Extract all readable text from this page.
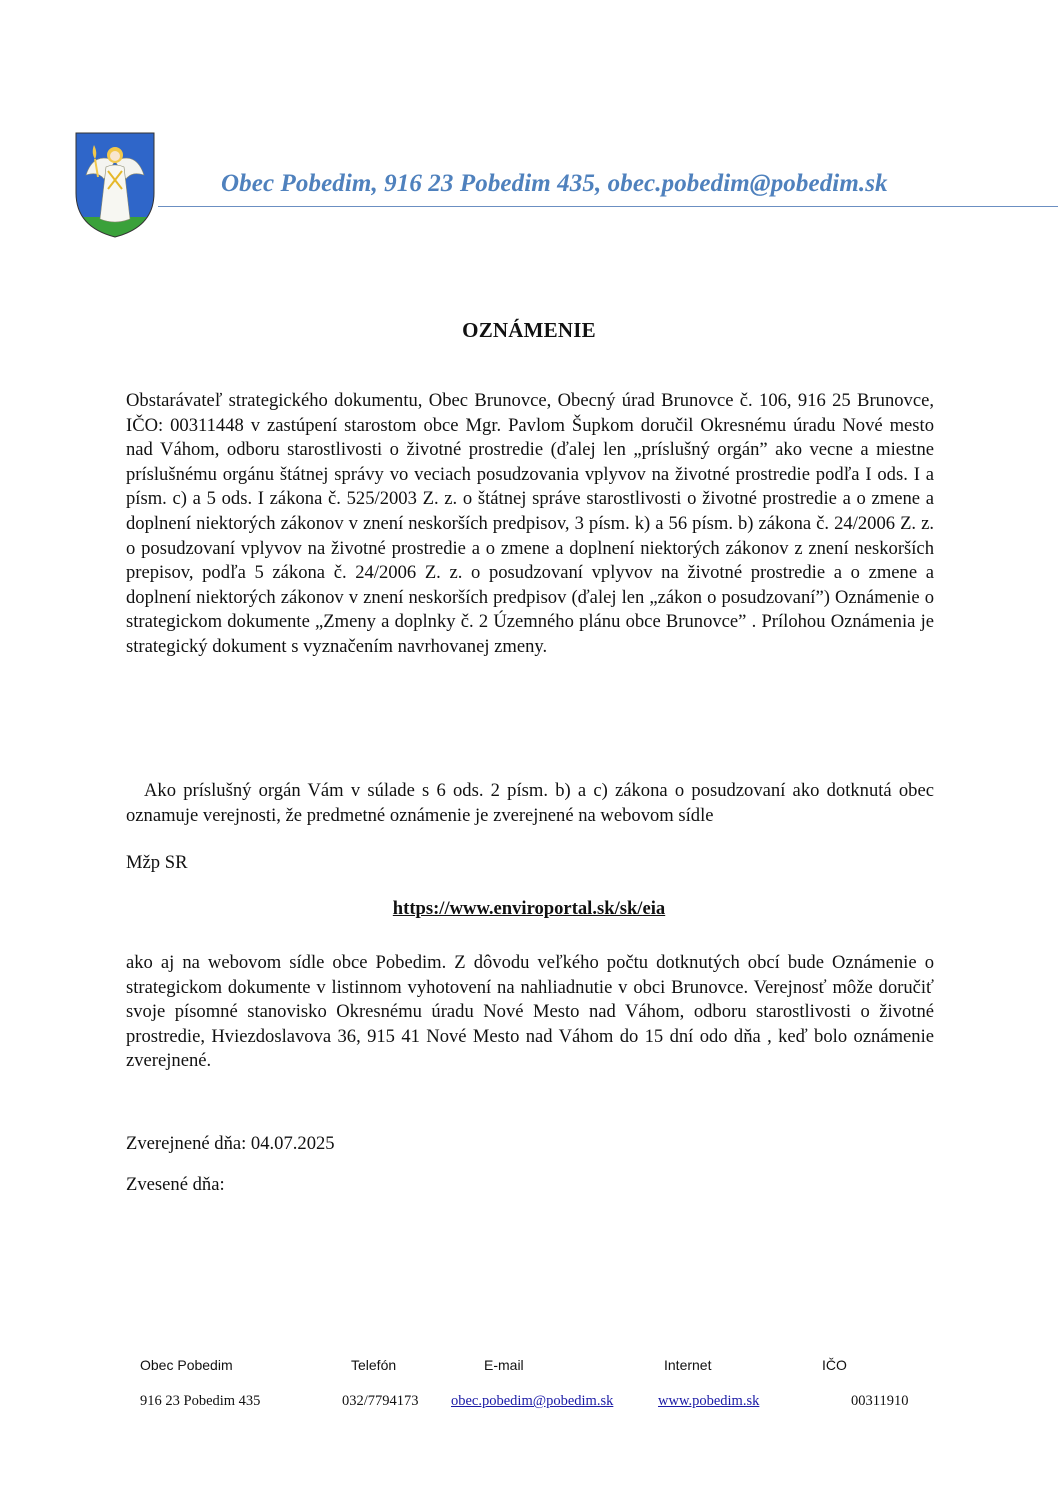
Obec Pobedim, 916 23 Pobedim 435, obec.pobedim@pobedim.sk
OZNÁMENIE
Obstarávateľ strategického dokumentu, Obec Brunovce, Obecný úrad Brunovce č. 106, 916 25 Brunovce, IČO: 00311448 v zastúpení starostom obce Mgr. Pavlom Šupkom doručil Okresnému úradu Nové mesto nad Váhom, odboru starostlivosti o životné prostredie (ďalej len „príslušný orgán” ako vecne a miestne príslušnému orgánu štátnej správy vo veciach posudzovania vplyvov na životné prostredie podľa I ods. I a písm. c) a 5 ods. I zákona č. 525/2003 Z. z. o štátnej správe starostlivosti o životné prostredie a o zmene a doplnení niektorých zákonov v znení neskorších predpisov, 3 písm. k) a 56 písm. b) zákona č. 24/2006 Z. z. o posudzovaní vplyvov na životné prostredie a o zmene a doplnení niektorých zákonov z znení neskorších prepisov, podľa 5 zákona č. 24/2006 Z. z. o posudzovaní vplyvov na životné prostredie a o zmene a doplnení niektorých zákonov v znení neskorších predpisov (ďalej len „zákon o posudzovaní”) Oznámenie o strategickom dokumente „Zmeny a doplnky č. 2 Územného plánu obce Brunovce” . Prílohou Oznámenia je strategický dokument s vyznačením navrhovanej zmeny.
Ako príslušný orgán Vám v súlade s 6 ods. 2 písm. b) a c) zákona o posudzovaní ako dotknutá obec oznamuje verejnosti, že predmetné oznámenie je zverejnené na webovom sídle
Mžp SR
https://www.enviroportal.sk/sk/eia
ako aj na webovom sídle obce Pobedim. Z dôvodu veľkého počtu dotknutých obcí bude Oznámenie o strategickom dokumente v listinnom vyhotovení na nahliadnutie v obci Brunovce. Verejnosť môže doručiť svoje písomné stanovisko Okresnému úradu Nové Mesto nad Váhom, odboru starostlivosti o životné prostredie, Hviezdoslavova 36, 915 41 Nové Mesto nad Váhom do 15 dní odo dňa , keď bolo oznámenie zverejnené.
Zverejnené dňa: 04.07.2025
Zvesené dňa:
Obec Pobedim	Telefón	E-mail	Internet	IČO
916 23 Pobedim 435	032/7794173 obec.pobedim@pobedim.sk	www.pobedim.sk	00311910
